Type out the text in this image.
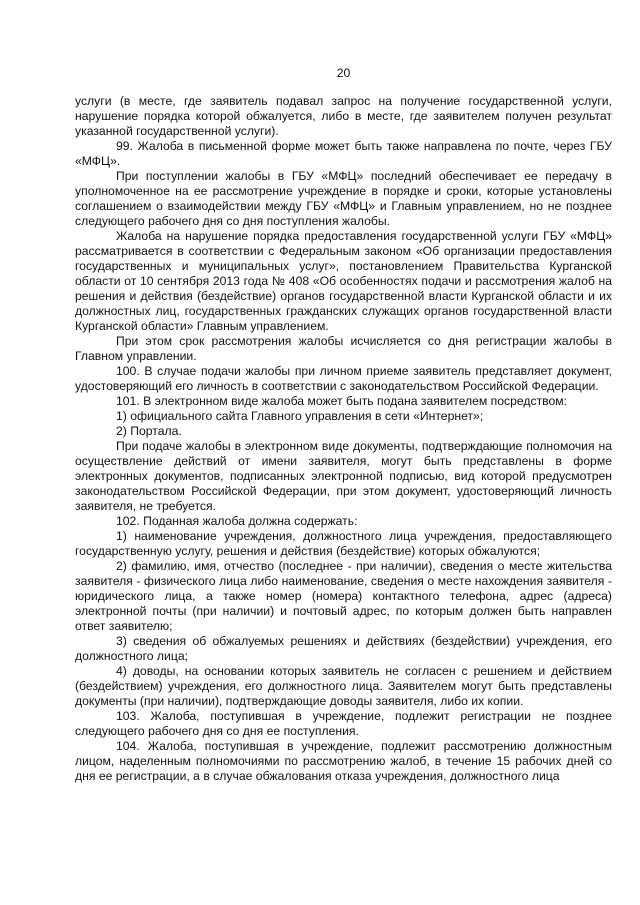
20

услуги (в месте, где заявитель подавал запрос на получение государственной услуги, нарушение порядка которой обжалуется, либо в месте, где заявителем получен результат указанной государственной услуги).

99. Жалоба в письменной форме может быть также направлена по почте, через ГБУ «МФЦ».

При поступлении жалобы в ГБУ «МФЦ» последний обеспечивает ее передачу в уполномоченное на ее рассмотрение учреждение в порядке и сроки, которые установлены соглашением о взаимодействии между ГБУ «МФЦ» и Главным управлением, но не позднее следующего рабочего дня со дня поступления жалобы.

Жалоба на нарушение порядка предоставления государственной услуги ГБУ «МФЦ» рассматривается в соответствии с Федеральным законом «Об организации предоставления государственных и муниципальных услуг», постановлением Правительства Курганской области от 10 сентября 2013 года № 408 «Об особенностях подачи и рассмотрения жалоб на решения и действия (бездействие) органов государственной власти Курганской области и их должностных лиц, государственных гражданских служащих органов государственной власти Курганской области» Главным управлением.

При этом срок рассмотрения жалобы исчисляется со дня регистрации жалобы в Главном управлении.

100. В случае подачи жалобы при личном приеме заявитель представляет документ, удостоверяющий его личность в соответствии с законодательством Российской Федерации.

101. В электронном виде жалоба может быть подана заявителем посредством:

1) официального сайта Главного управления в сети «Интернет»;

2) Портала.

При подаче жалобы в электронном виде документы, подтверждающие полномочия на осуществление действий от имени заявителя, могут быть представлены в форме электронных документов, подписанных электронной подписью, вид которой предусмотрен законодательством Российской Федерации, при этом документ, удостоверяющий личность заявителя, не требуется.

102. Поданная жалоба должна содержать:

1) наименование учреждения, должностного лица учреждения, предоставляющего государственную услугу, решения и действия (бездействие) которых обжалуются;

2) фамилию, имя, отчество (последнее - при наличии), сведения о месте жительства заявителя - физического лица либо наименование, сведения о месте нахождения заявителя - юридического лица, а также номер (номера) контактного телефона, адрес (адреса) электронной почты (при наличии) и почтовый адрес, по которым должен быть направлен ответ заявителю;

3) сведения об обжалуемых решениях и действиях (бездействии) учреждения, его должностного лица;

4) доводы, на основании которых заявитель не согласен с решением и действием (бездействием) учреждения, его должностного лица. Заявителем могут быть представлены документы (при наличии), подтверждающие доводы заявителя, либо их копии.

103. Жалоба, поступившая в учреждение, подлежит регистрации не позднее следующего рабочего дня со дня ее поступления.

104. Жалоба, поступившая в учреждение, подлежит рассмотрению должностным лицом, наделенным полномочиями по рассмотрению жалоб, в течение 15 рабочих дней со дня ее регистрации, а в случае обжалования отказа учреждения, должностного лица
